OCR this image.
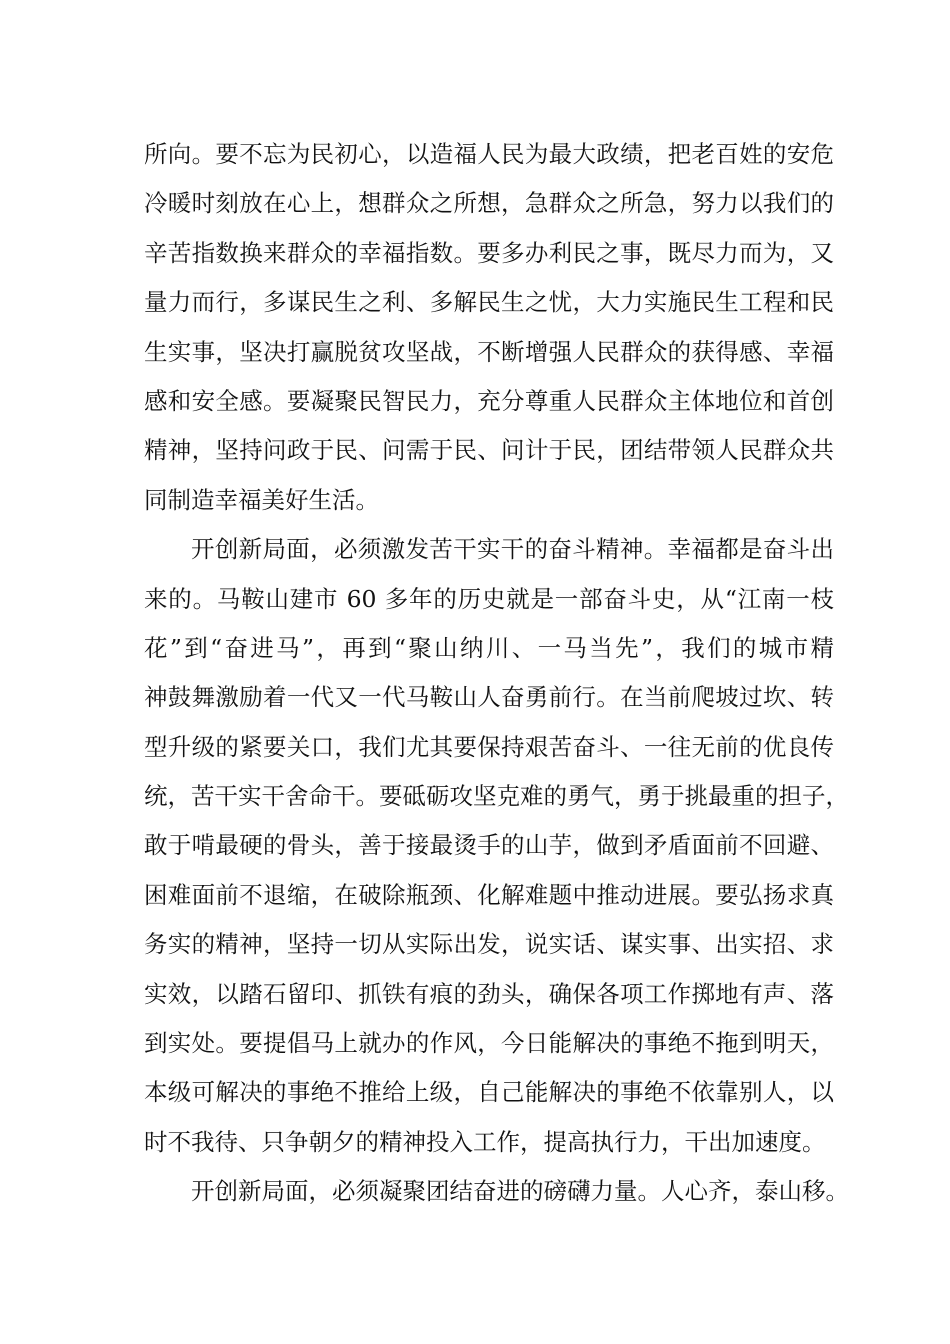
所向。要不忘为民初心，以造福人民为最大政绩，把老百姓的安危
冷暖时刻放在心上，想群众之所想，急群众之所急，努力以我们的
辛苦指数换来群众的幸福指数。要多办利民之事，既尽力而为，又
量力而行，多谋民生之利、多解民生之忧，大力实施民生工程和民
生实事，坚决打赢脱贫攻坚战，不断增强人民群众的获得感、幸福
感和安全感。要凝聚民智民力，充分尊重人民群众主体地位和首创
精神，坚持问政于民、问需于民、问计于民，团结带领人民群众共
同制造幸福美好生活。
开创新局面，必须激发苦干实干的奋斗精神。幸福都是奋斗出
来的。马鞍山建市 60 多年的历史就是一部奋斗史，从“江南一枝
花”到“奋进马”，再到“聚山纳川、一马当先”，我们的城市精
神鼓舞激励着一代又一代马鞍山人奋勇前行。在当前爬坡过坎、转
型升级的紧要关口，我们尤其要保持艰苦奋斗、一往无前的优良传
统，苦干实干舍命干。要砥砺攻坚克难的勇气，勇于挑最重的担子，
敢于啃最硬的骨头，善于接最烫手的山芋，做到矛盾面前不回避、
困难面前不退缩，在破除瓶颈、化解难题中推动进展。要弘扬求真
务实的精神，坚持一切从实际出发，说实话、谋实事、出实招、求
实效，以踏石留印、抓铁有痕的劲头，确保各项工作掷地有声、落
到实处。要提倡马上就办的作风，今日能解决的事绝不拖到明天，
本级可解决的事绝不推给上级，自己能解决的事绝不依靠别人，以
时不我待、只争朝夕的精神投入工作，提高执行力，干出加速度。
开创新局面，必须凝聚团结奋进的磅礴力量。人心齐，泰山移。
